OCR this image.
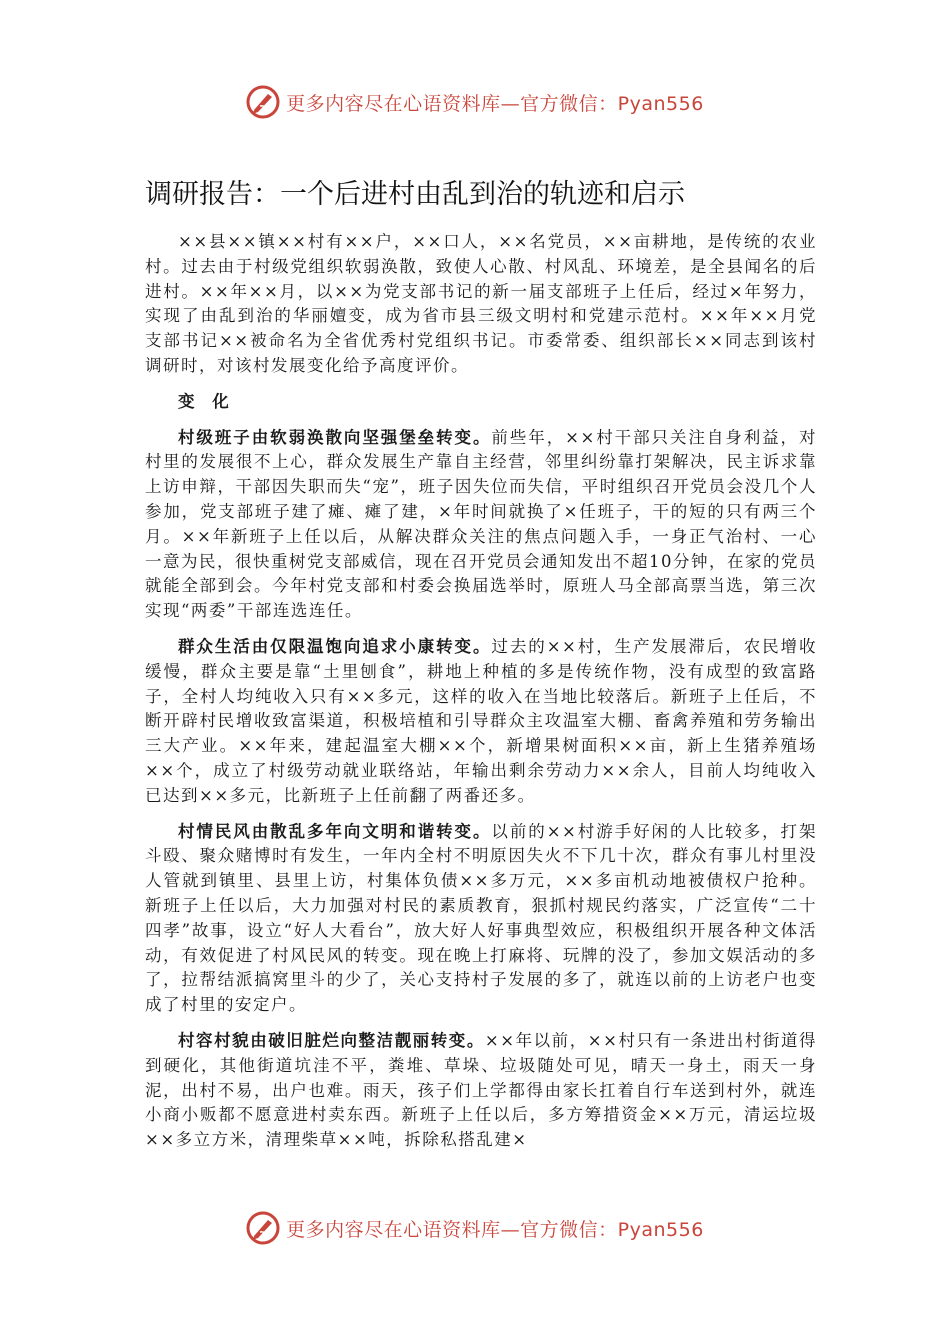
更多内容尽在心语资料库—官方微信：Pyan556
调研报告：一个后进村由乱到治的轨迹和启示

××县××镇××村有××户，××口人，××名党员，××亩耕地，是传统的农业村。过去由于村级党组织软弱涣散，致使人心散、村风乱、环境差，是全县闻名的后进村。××年××月，以××为党支部书记的新一届支部班子上任后，经过×年努力，实现了由乱到治的华丽嬗变，成为省市县三级文明村和党建示范村。××年××月党支部书记××被命名为全省优秀村党组织书记。市委常委、组织部长××同志到该村调研时，对该村发展变化给予高度评价。

变 化

村级班子由软弱涣散向坚强堡垒转变。前些年，××村干部只关注自身利益，对村里的发展很不上心，群众发展生产靠自主经营，邻里纠纷靠打架解决，民主诉求靠上访申辩，干部因失职而失“宠”，班子因失位而失信，平时组织召开党员会没几个人参加，党支部班子建了瘫、瘫了建，×年时间就换了×任班子，干的短的只有两三个月。××年新班子上任以后，从解决群众关注的焦点问题入手，一身正气治村、一心一意为民，很快重树党支部威信，现在召开党员会通知发出不超10分钟，在家的党员就能全部到会。今年村党支部和村委会换届选举时，原班人马全部高票当选，第三次实现“两委”干部连选连任。

群众生活由仅限温饱向追求小康转变。过去的××村，生产发展滞后，农民增收缓慢，群众主要是靠“土里刨食”，耕地上种植的多是传统作物，没有成型的致富路子，全村人均纯收入只有××多元，这样的收入在当地比较落后。新班子上任后，不断开辟村民增收致富渠道，积极培植和引导群众主攻温室大棚、畜禽养殖和劳务输出三大产业。××年来，建起温室大棚××个，新增果树面积××亩，新上生猪养殖场××个，成立了村级劳动就业联络站，年输出剩余劳动力××余人，目前人均纯收入已达到××多元，比新班子上任前翻了两番还多。

村情民风由散乱多年向文明和谐转变。以前的××村游手好闲的人比较多，打架斗殴、聚众赌博时有发生，一年内全村不明原因失火不下几十次，群众有事儿村里没人管就到镇里、县里上访，村集体负债××多万元，××多亩机动地被债权户抢种。新班子上任以后，大力加强对村民的素质教育，狠抓村规民约落实，广泛宣传“二十四孝”故事，设立“好人大看台”，放大好人好事典型效应，积极组织开展各种文体活动，有效促进了村风民风的转变。现在晚上打麻将、玩牌的没了，参加文娱活动的多了，拉帮结派搞窝里斗的少了，关心支持村子发展的多了，就连以前的上访老户也变成了村里的安定户。

村容村貌由破旧脏烂向整洁靓丽转变。××年以前，××村只有一条进出村街道得到硬化，其他街道坑洼不平，粪堆、草垛、垃圾随处可见，晴天一身土，雨天一身泥，出村不易，出户也难。雨天，孩子们上学都得由家长扛着自行车送到村外，就连小商小贩都不愿意进村卖东西。新班子上任以后，多方筹措资金××万元，清运垃圾××多立方米，清理柴草××吨，拆除私搭乱建×

更多内容尽在心语资料库—官方微信：Pyan556
